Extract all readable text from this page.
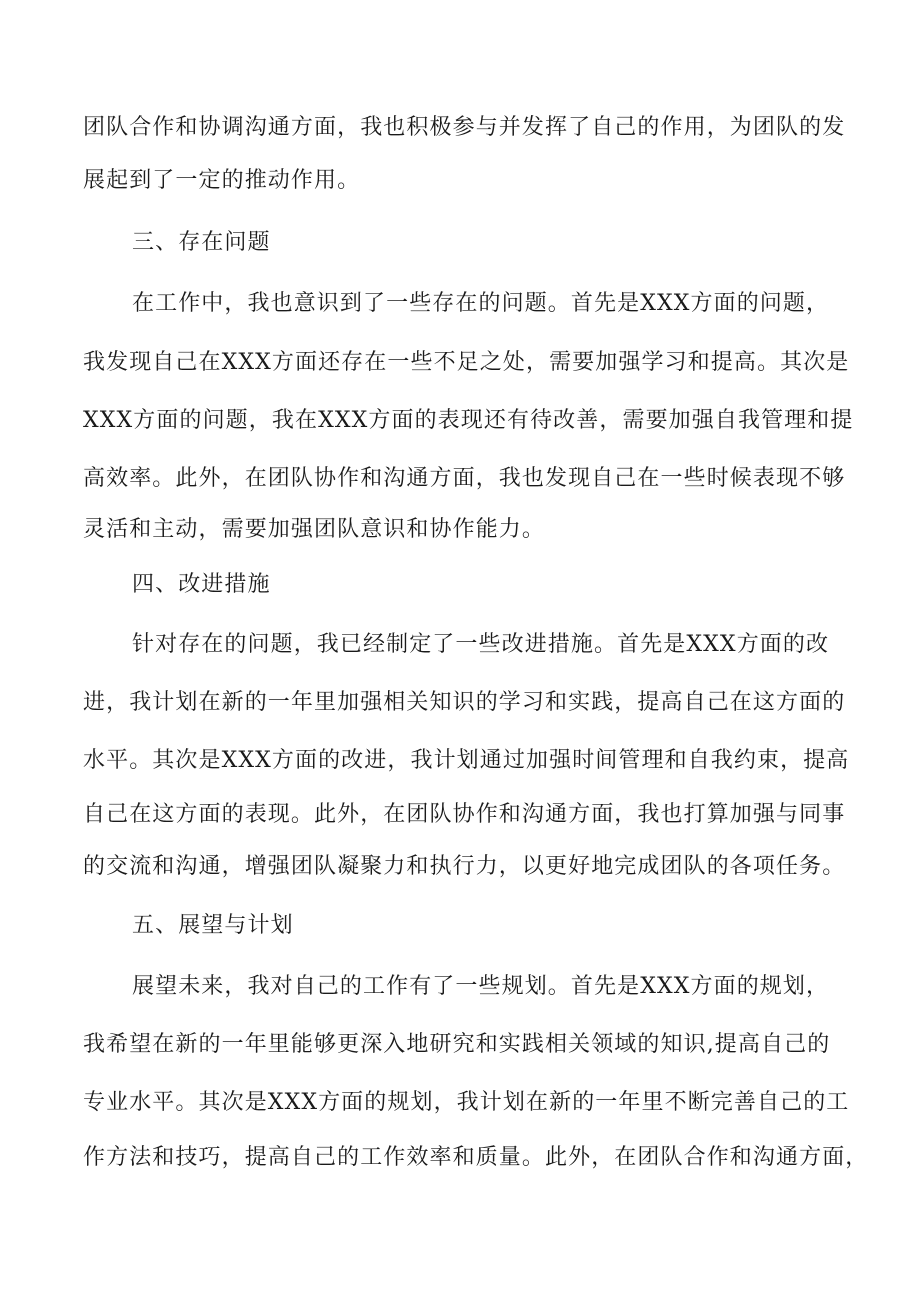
团队合作和协调沟通方面，我也积极参与并发挥了自己的作用，为团队的发
展起到了一定的推动作用。
三、存在问题
在工作中，我也意识到了一些存在的问题。首先是XXX方面的问题，
我发现自己在XXX方面还存在一些不足之处，需要加强学习和提高。其次是
XXX方面的问题，我在XXX方面的表现还有待改善，需要加强自我管理和提
高效率。此外，在团队协作和沟通方面，我也发现自己在一些时候表现不够
灵活和主动，需要加强团队意识和协作能力。
四、改进措施
针对存在的问题，我已经制定了一些改进措施。首先是XXX方面的改
进，我计划在新的一年里加强相关知识的学习和实践，提高自己在这方面的
水平。其次是XXX方面的改进，我计划通过加强时间管理和自我约束，提高
自己在这方面的表现。此外，在团队协作和沟通方面，我也打算加强与同事
的交流和沟通，增强团队凝聚力和执行力，以更好地完成团队的各项任务。
五、展望与计划
展望未来，我对自己的工作有了一些规划。首先是XXX方面的规划，
我希望在新的一年里能够更深入地研究和实践相关领域的知识,提高自己的
专业水平。其次是XXX方面的规划，我计划在新的一年里不断完善自己的工
作方法和技巧，提高自己的工作效率和质量。此外，在团队合作和沟通方面，
